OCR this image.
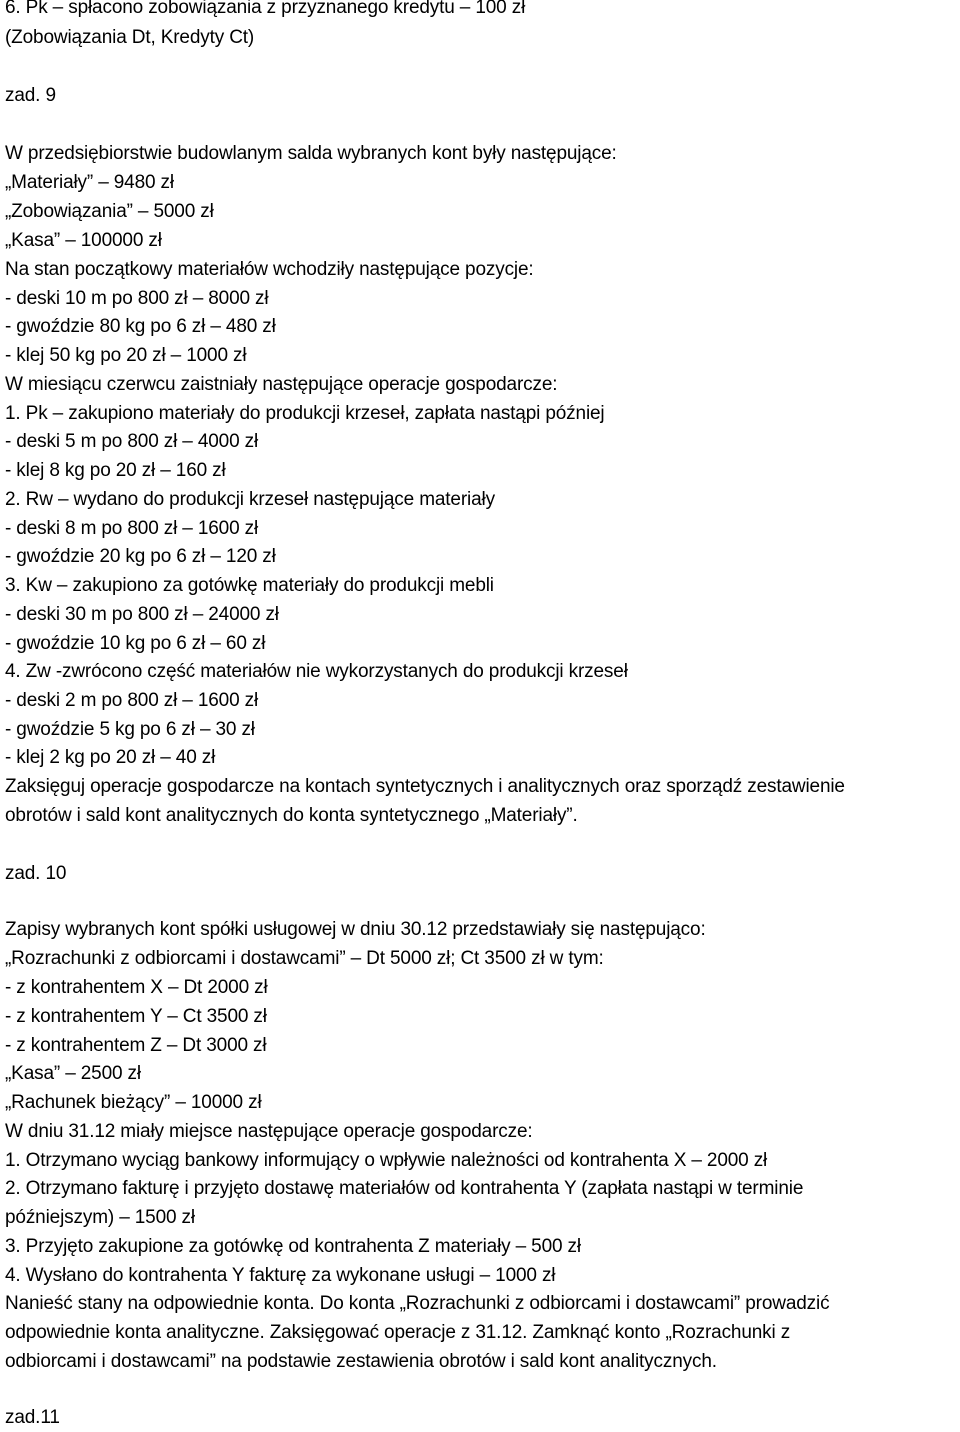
6. Pk – spłacono zobowiązania z przyznanego kredytu – 100 zł
(Zobowiązania Dt, Kredyty Ct)
zad. 9
W przedsiębiorstwie budowlanym salda wybranych kont były następujące:
„Materiały” – 9480 zł
„Zobowiązania” – 5000 zł
„Kasa” – 100000 zł
Na stan początkowy materiałów wchodziły następujące pozycje:
- deski 10 m po 800 zł – 8000 zł
- gwoździe 80 kg po 6 zł – 480 zł
- klej 50 kg po 20 zł – 1000 zł
W miesiącu czerwcu zaistniały następujące operacje gospodarcze:
1. Pk – zakupiono materiały do produkcji krzeseł, zapłata nastąpi później
- deski 5 m po 800 zł – 4000 zł
- klej 8 kg po 20 zł – 160 zł
2. Rw – wydano do produkcji krzeseł następujące materiały
- deski 8 m po 800 zł – 1600 zł
- gwoździe 20 kg po 6 zł – 120 zł
3. Kw – zakupiono za gotówkę materiały do produkcji mebli
- deski 30 m po 800 zł – 24000 zł
- gwoździe 10 kg po 6 zł – 60 zł
4. Zw -zwrócono część materiałów nie wykorzystanych do produkcji krzeseł
- deski 2 m po 800 zł – 1600 zł
- gwoździe 5 kg po 6 zł – 30 zł
- klej 2 kg po 20 zł – 40 zł
Zaksięguj operacje gospodarcze na kontach syntetycznych i analitycznych oraz sporządź zestawienie
obrotów i sald kont analitycznych do konta syntetycznego „Materiały”.
zad. 10
Zapisy wybranych kont spółki usługowej w dniu 30.12 przedstawiały się następująco:
„Rozrachunki z odbiorcami i dostawcami” – Dt 5000 zł; Ct 3500 zł w tym:
- z kontrahentem X – Dt 2000 zł
- z kontrahentem Y – Ct 3500 zł
- z kontrahentem Z – Dt 3000 zł
„Kasa” – 2500 zł
„Rachunek bieżący” – 10000 zł
W dniu 31.12 miały miejsce następujące operacje gospodarcze:
1. Otrzymano wyciąg bankowy informujący o wpływie należności od kontrahenta X – 2000 zł
2. Otrzymano fakturę i przyjęto dostawę materiałów od kontrahenta Y (zapłata nastąpi w terminie
późniejszym) – 1500 zł
3. Przyjęto zakupione za gotówkę od kontrahenta Z materiały – 500 zł
4. Wysłano do kontrahenta Y fakturę za wykonane usługi – 1000 zł
Nanieść stany na odpowiednie konta. Do konta „Rozrachunki z odbiorcami i dostawcami” prowadzić
odpowiednie konta analityczne. Zaksięgować operacje z 31.12. Zamknąć konto „Rozrachunki z
odbiorcami i dostawcami” na podstawie zestawienia obrotów i sald kont analitycznych.
zad.11
